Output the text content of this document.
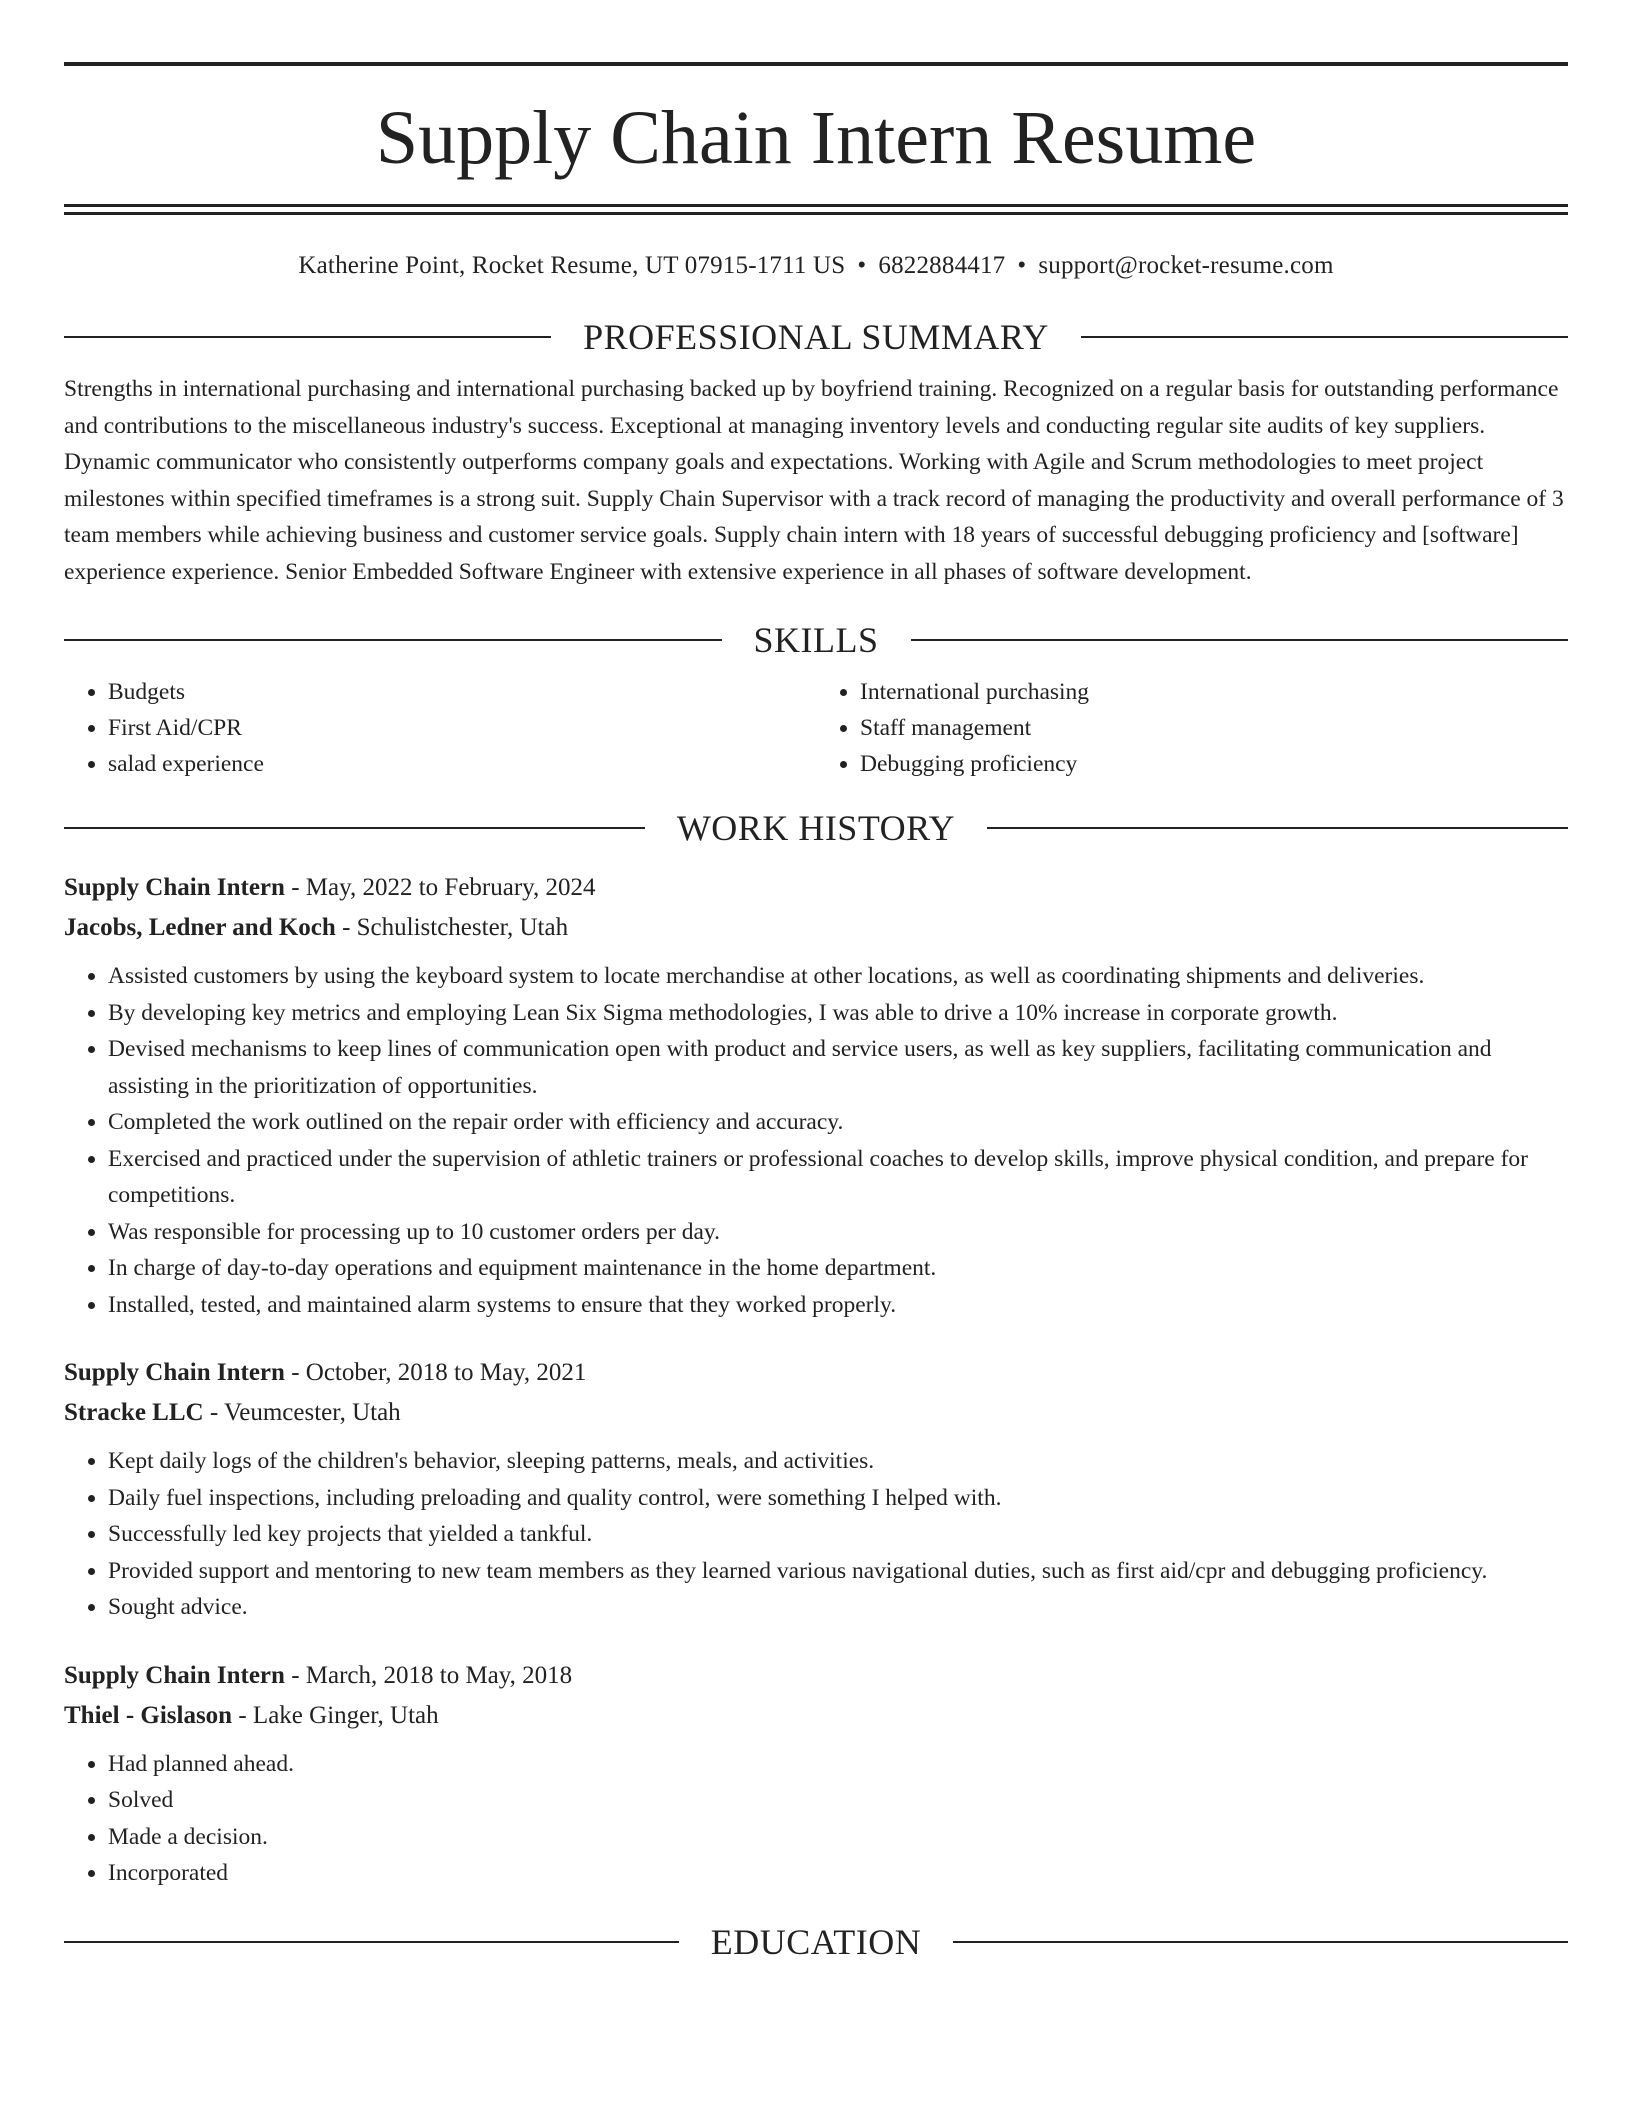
Supply Chain Intern Resume
Katherine Point, Rocket Resume, UT 07915-1711 US • 6822884417 • support@rocket-resume.com
PROFESSIONAL SUMMARY

Strengths in international purchasing and international purchasing backed up by boyfriend training. Recognized on a regular basis for outstanding performance and contributions to the miscellaneous industry's success. Exceptional at managing inventory levels and conducting regular site audits of key suppliers. Dynamic communicator who consistently outperforms company goals and expectations. Working with Agile and Scrum methodologies to meet project milestones within specified timeframes is a strong suit. Supply Chain Supervisor with a track record of managing the productivity and overall performance of 3 team members while achieving business and customer service goals. Supply chain intern with 18 years of successful debugging proficiency and [software] experience experience. Senior Embedded Software Engineer with extensive experience in all phases of software development.

SKILLS
• Budgets
• First Aid/CPR
• salad experience
• International purchasing
• Staff management
• Debugging proficiency
WORK HISTORY
Supply Chain Intern - May, 2022 to February, 2024
Jacobs, Ledner and Koch - Schulistchester, Utah
• Assisted customers by using the keyboard system to locate merchandise at other locations, as well as coordinating shipments and deliveries.
• By developing key metrics and employing Lean Six Sigma methodologies, I was able to drive a 10% increase in corporate growth.
• Devised mechanisms to keep lines of communication open with product and service users, as well as key suppliers, facilitating communication and assisting in the prioritization of opportunities.
• Completed the work outlined on the repair order with efficiency and accuracy.
• Exercised and practiced under the supervision of athletic trainers or professional coaches to develop skills, improve physical condition, and prepare for competitions.
• Was responsible for processing up to 10 customer orders per day.
• In charge of day-to-day operations and equipment maintenance in the home department.
• Installed, tested, and maintained alarm systems to ensure that they worked properly.
Supply Chain Intern - October, 2018 to May, 2021
Stracke LLC - Veumcester, Utah
• Kept daily logs of the children's behavior, sleeping patterns, meals, and activities.
• Daily fuel inspections, including preloading and quality control, were something I helped with.
• Successfully led key projects that yielded a tankful.
• Provided support and mentoring to new team members as they learned various navigational duties, such as first aid/cpr and debugging proficiency.
• Sought advice.
Supply Chain Intern - March, 2018 to May, 2018
Thiel - Gislason - Lake Ginger, Utah
• Had planned ahead.
• Solved
• Made a decision.
• Incorporated
EDUCATION
